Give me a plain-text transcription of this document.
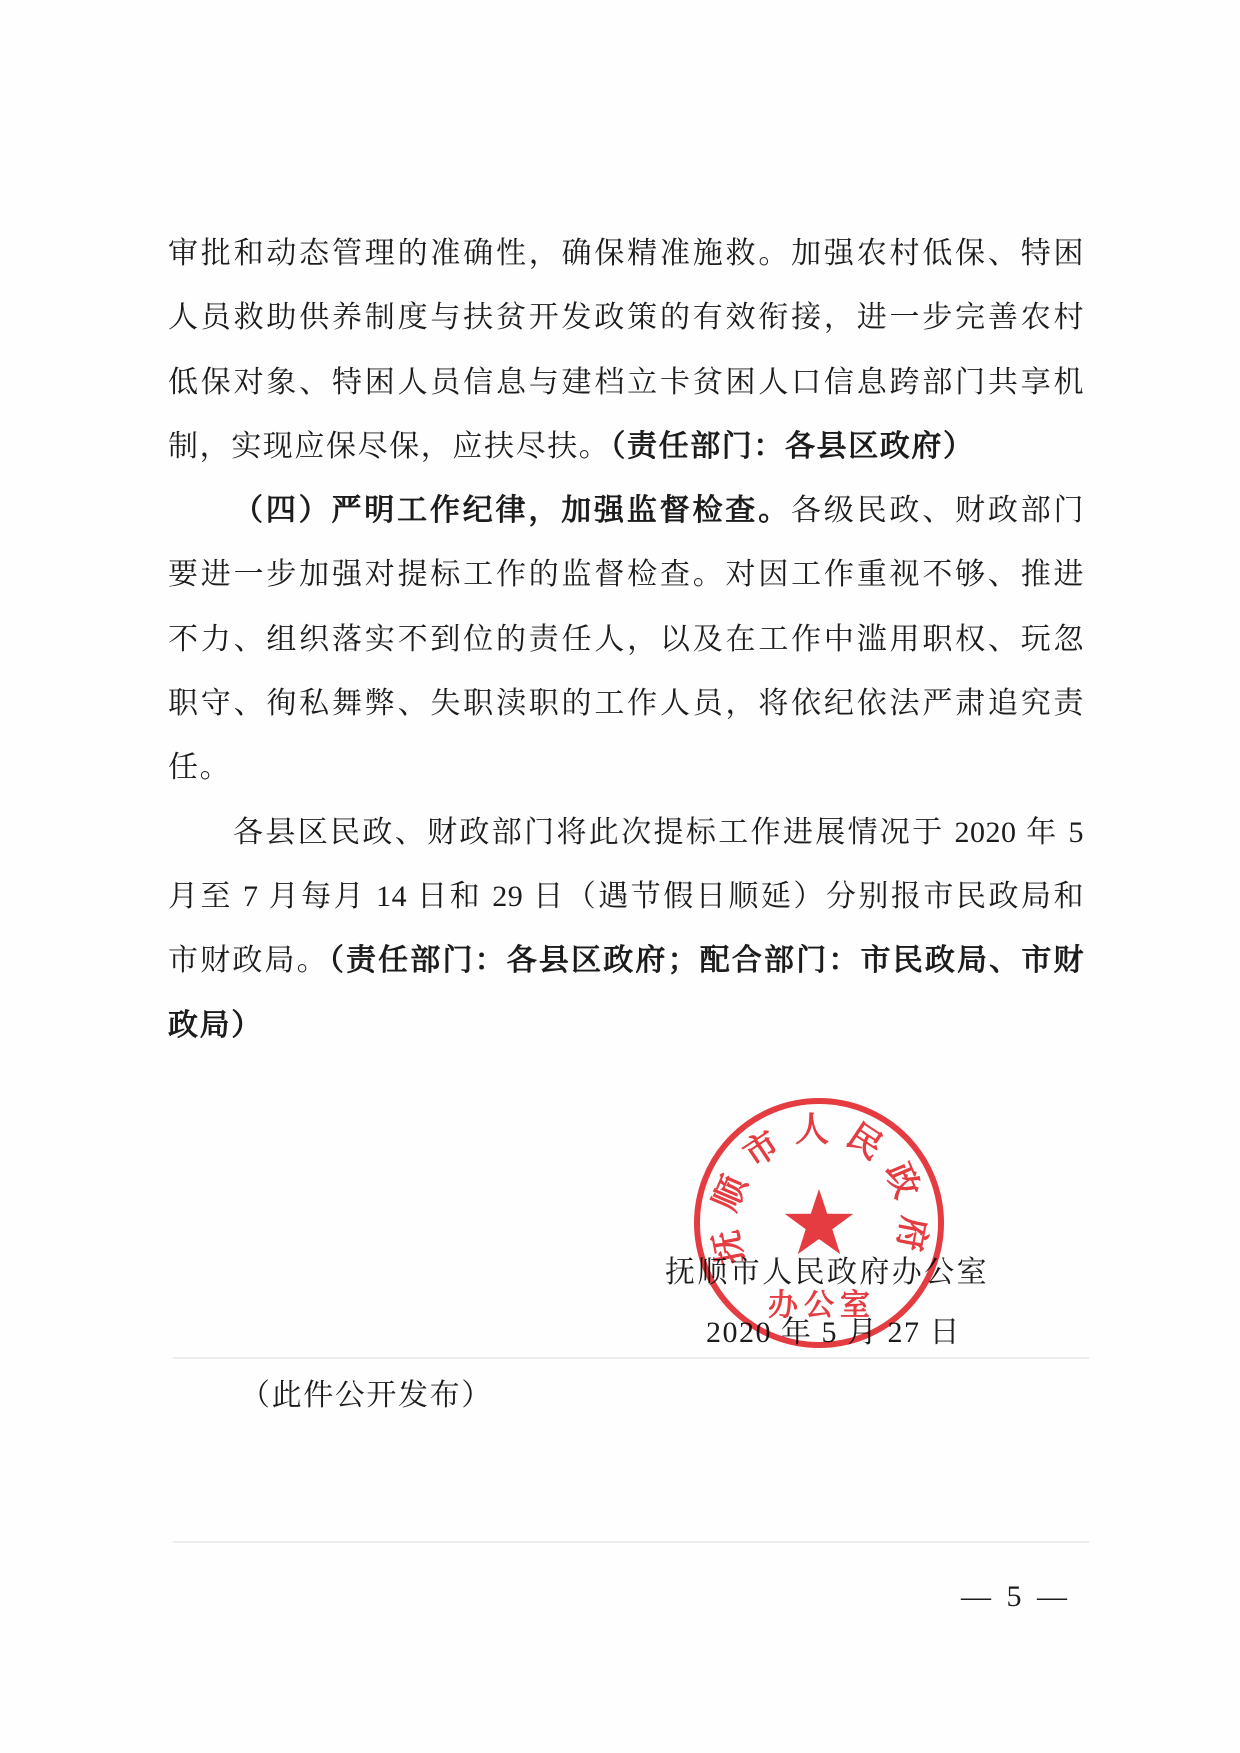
审批和动态管理的准确性，确保精准施救。加强农村低保、特困
人员救助供养制度与扶贫开发政策的有效衔接，进一步完善农村
低保对象、特困人员信息与建档立卡贫困人口信息跨部门共享机
制，实现应保尽保，应扶尽扶。（责任部门：各县区政府）
（四）严明工作纪律，加强监督检查。各级民政、财政部门
要进一步加强对提标工作的监督检查。对因工作重视不够、推进
不力、组织落实不到位的责任人，以及在工作中滥用职权、玩忽
职守、徇私舞弊、失职渎职的工作人员，将依纪依法严肃追究责
任。
各县区民政、财政部门将此次提标工作进展情况于 2020 年 5
月至 7 月每月 14 日和 29 日（遇节假日顺延）分别报市民政局和
市财政局。（责任部门：各县区政府；配合部门：市民政局、市财
政局）
抚顺市人民政府办公室
2020 年 5 月 27 日
（此件公开发布）
— 5 —
抚顺市人民政府
办公室
